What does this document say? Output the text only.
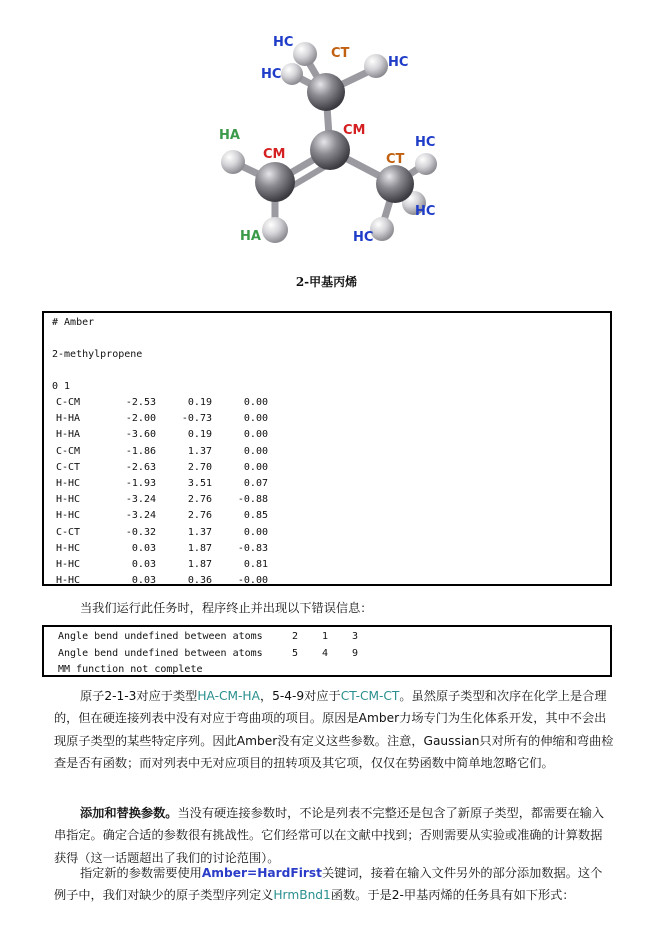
HC
HC
CT
HC
HA
CM
CM
CT
HC
HC
HC
HA
2-甲基丙烯
# Amber
2-methylpropene
0 1
C-CM	-2.53	0.19	0.00
H-HA	-2.00	-0.73	0.00
H-HA	-3.60	0.19	0.00
C-CM	-1.86	1.37	0.00
C-CT	-2.63	2.70	0.00
H-HC	-1.93	3.51	0.07
H-HC	-3.24	2.76	-0.88
H-HC	-3.24	2.76	0.85
C-CT	-0.32	1.37	0.00
H-HC	0.03	1.87	-0.83
H-HC	0.03	1.87	0.81
H-HC	0.03	0.36	-0.00

当我们运行此任务时，程序终止并出现以下错误信息：

Angle bend undefined between atoms	2	1	3
Angle bend undefined between atoms	5	4	9
MM function not complete

原子2-1-3对应于类型HA-CM-HA，5-4-9对应于CT-CM-CT。虽然原子类型和次序在化学上是合理的，但在硬连接列表中没有对应于弯曲项的项目。原因是Amber力场专门为生化体系开发，其中不会出现原子类型的某些特定序列。因此Amber没有定义这些参数。注意，Gaussian只对所有的伸缩和弯曲检查是否有函数；而对列表中无对应项目的扭转项及其它项，仅仅在势函数中简单地忽略它们。

添加和替换参数。当没有硬连接参数时，不论是列表不完整还是包含了新原子类型，都需要在输入串指定。确定合适的参数很有挑战性。它们经常可以在文献中找到；否则需要从实验或准确的计算数据获得（这一话题超出了我们的讨论范围）。

指定新的参数需要使用Amber=HardFirst关键词，接着在输入文件另外的部分添加数据。这个例子中，我们对缺少的原子类型序列定义HrmBnd1函数。于是2-甲基丙烯的任务具有如下形式：
